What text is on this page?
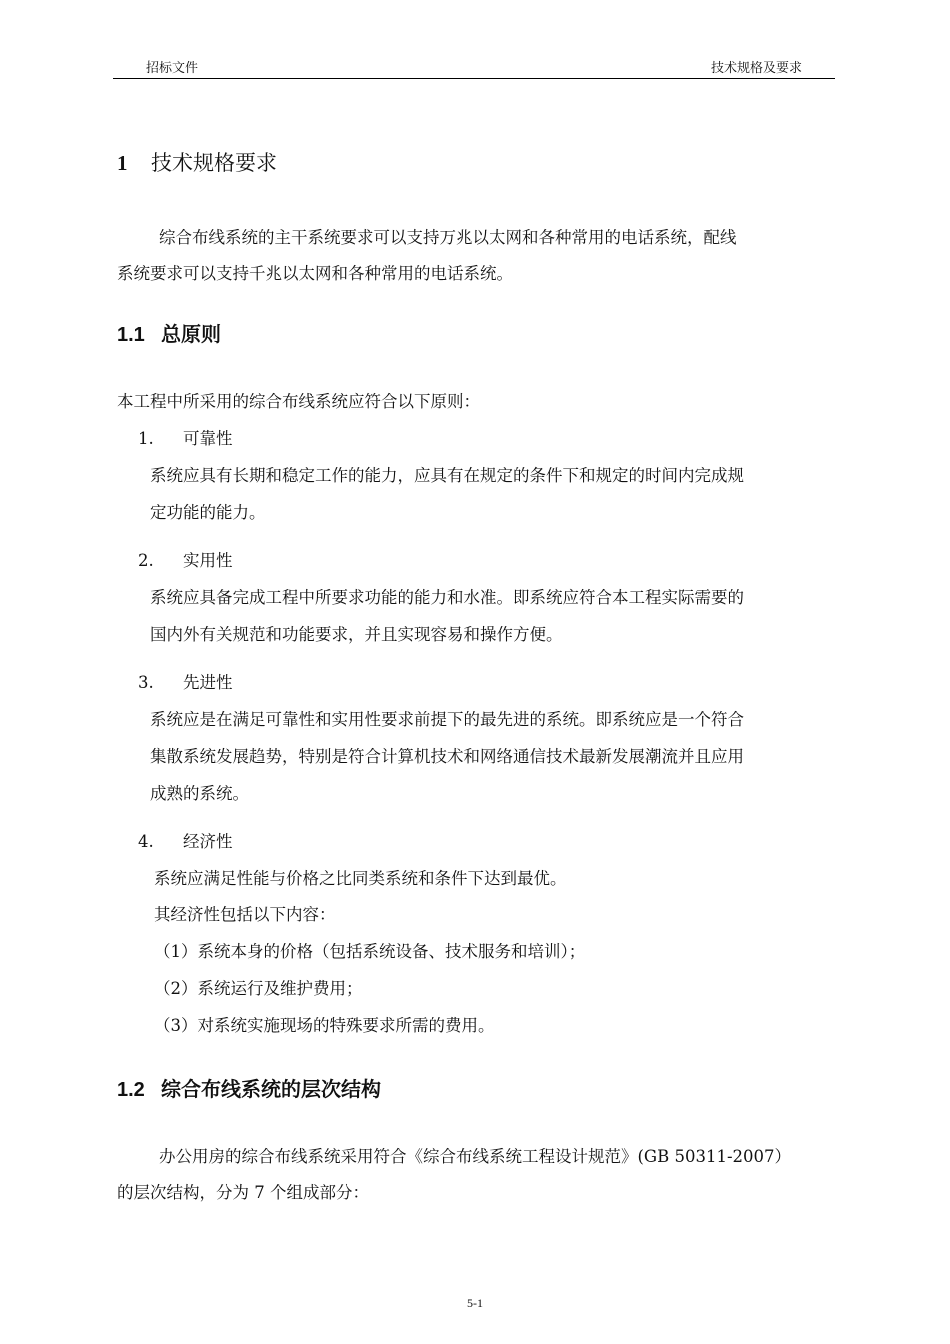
招标文件	技术规格及要求
1 技术规格要求
综合布线系统的主干系统要求可以支持万兆以太网和各种常用的电话系统，配线
系统要求可以支持千兆以太网和各种常用的电话系统。
1.1 总原则
本工程中所采用的综合布线系统应符合以下原则：
1. 可靠性
系统应具有长期和稳定工作的能力，应具有在规定的条件下和规定的时间内完成规
定功能的能力。
2. 实用性
系统应具备完成工程中所要求功能的能力和水准。即系统应符合本工程实际需要的
国内外有关规范和功能要求，并且实现容易和操作方便。
3. 先进性
系统应是在满足可靠性和实用性要求前提下的最先进的系统。即系统应是一个符合
集散系统发展趋势，特别是符合计算机技术和网络通信技术最新发展潮流并且应用
成熟的系统。
4. 经济性
系统应满足性能与价格之比同类系统和条件下达到最优。
其经济性包括以下内容：
（1）系统本身的价格（包括系统设备、技术服务和培训）；
（2）系统运行及维护费用；
（3）对系统实施现场的特殊要求所需的费用。
1.2 综合布线系统的层次结构
办公用房的综合布线系统采用符合《综合布线系统工程设计规范》(GB 50311-2007）
的层次结构，分为 7 个组成部分：
5-1
